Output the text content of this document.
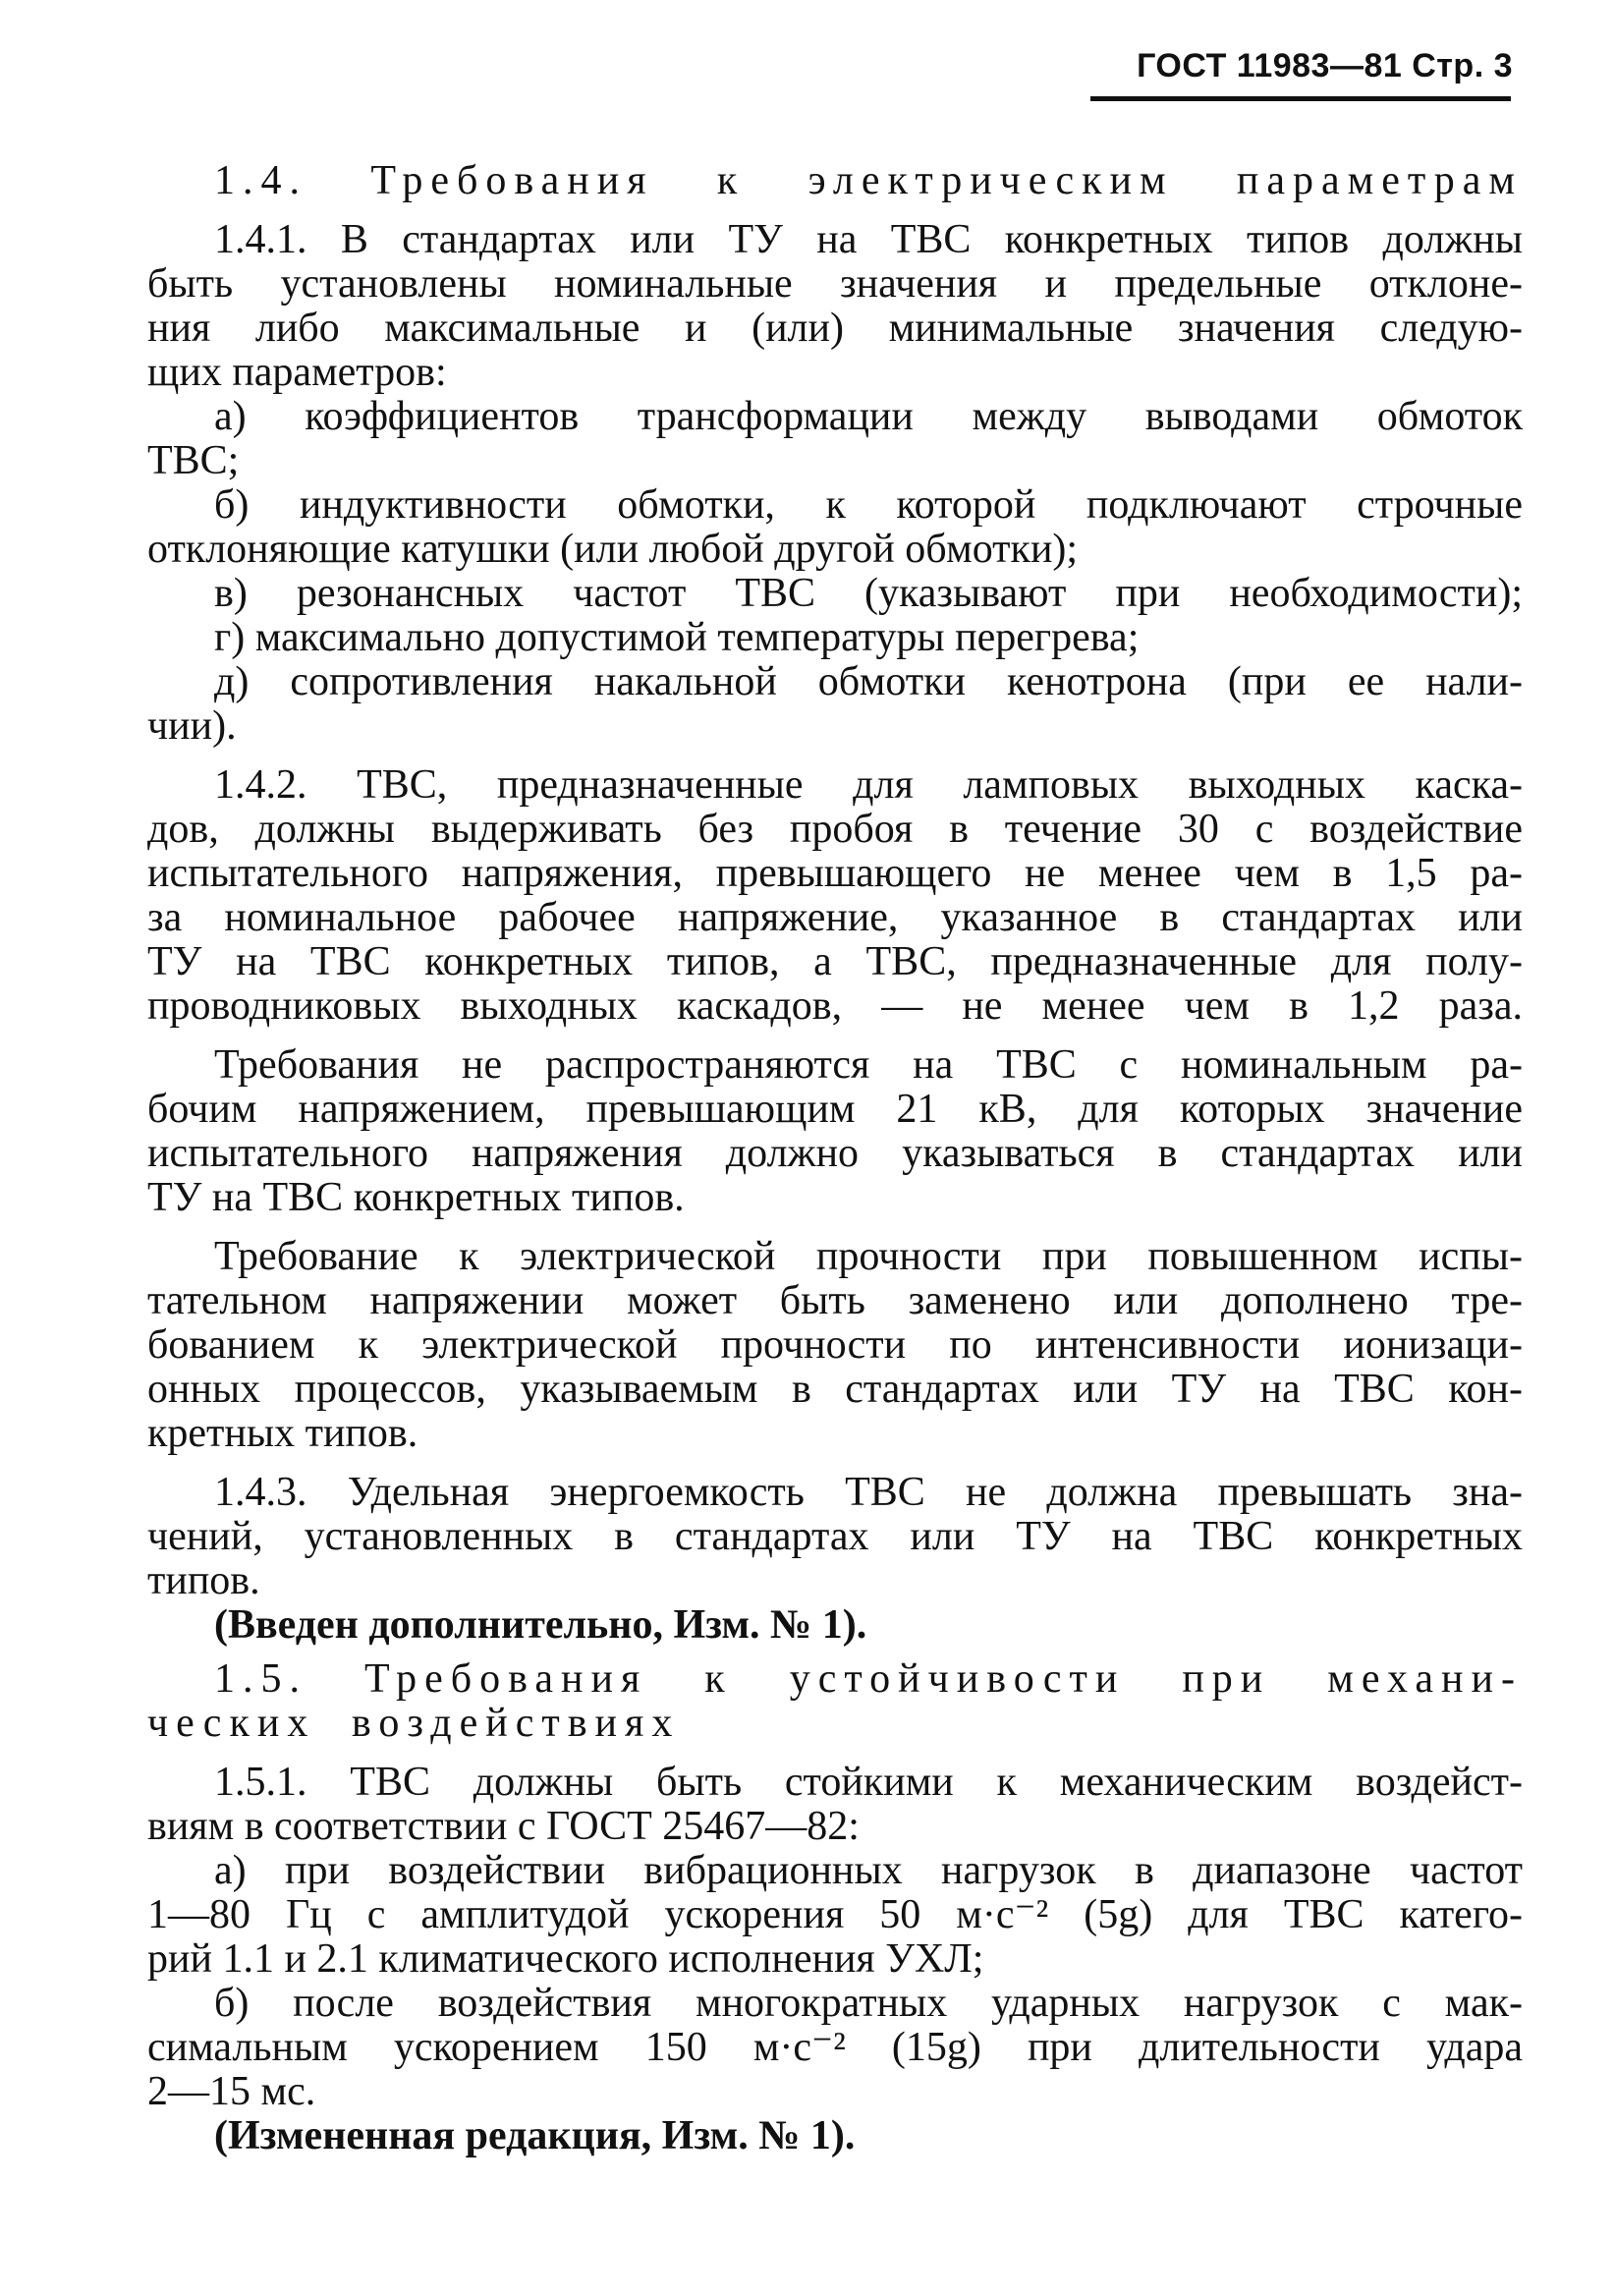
ГОСТ 11983—81 Стр. 3
1.4. Требования к электрическим параметрам
1.4.1. В стандартах или ТУ на ТВС конкретных типов должны
быть установлены номинальные значения и предельные отклоне-
ния либо максимальные и (или) минимальные значения следую-
щих параметров:
а) коэффициентов трансформации между выводами обмоток
ТВС;
б) индуктивности обмотки, к которой подключают строчные
отклоняющие катушки (или любой другой обмотки);
в) резонансных частот ТВС (указывают при необходимости);
г) максимально допустимой температуры перегрева;
д) сопротивления накальной обмотки кенотрона (при ее нали-
чии).
1.4.2. ТВС, предназначенные для ламповых выходных каска-
дов, должны выдерживать без пробоя в течение 30 с воздействие
испытательного напряжения, превышающего не менее чем в 1,5 ра-
за номинальное рабочее напряжение, указанное в стандартах или
ТУ на ТВС конкретных типов, а ТВС, предназначенные для полу-
проводниковых выходных каскадов, — не менее чем в 1,2 раза.
Требования не распространяются на ТВС с номинальным ра-
бочим напряжением, превышающим 21 кВ, для которых значение
испытательного напряжения должно указываться в стандартах или
ТУ на ТВС конкретных типов.
Требование к электрической прочности при повышенном испы-
тательном напряжении может быть заменено или дополнено тре-
бованием к электрической прочности по интенсивности ионизаци-
онных процессов, указываемым в стандартах или ТУ на ТВС кон-
кретных типов.
1.4.3. Удельная энергоемкость ТВС не должна превышать зна-
чений, установленных в стандартах или ТУ на ТВС конкретных
типов.
(Введен дополнительно, Изм. № 1).
1.5. Требования к устойчивости при механи-
ческих воздействиях
1.5.1. ТВС должны быть стойкими к механическим воздейст-
виям в соответствии с ГОСТ 25467—82:
а) при воздействии вибрационных нагрузок в диапазоне частот
1—80 Гц с амплитудой ускорения 50 м·с⁻² (5g) для ТВС катего-
рий 1.1 и 2.1 климатического исполнения УХЛ;
б) после воздействия многократных ударных нагрузок с мак-
симальным ускорением 150 м·с⁻² (15g) при длительности удара
2—15 мс.
(Измененная редакция, Изм. № 1).
